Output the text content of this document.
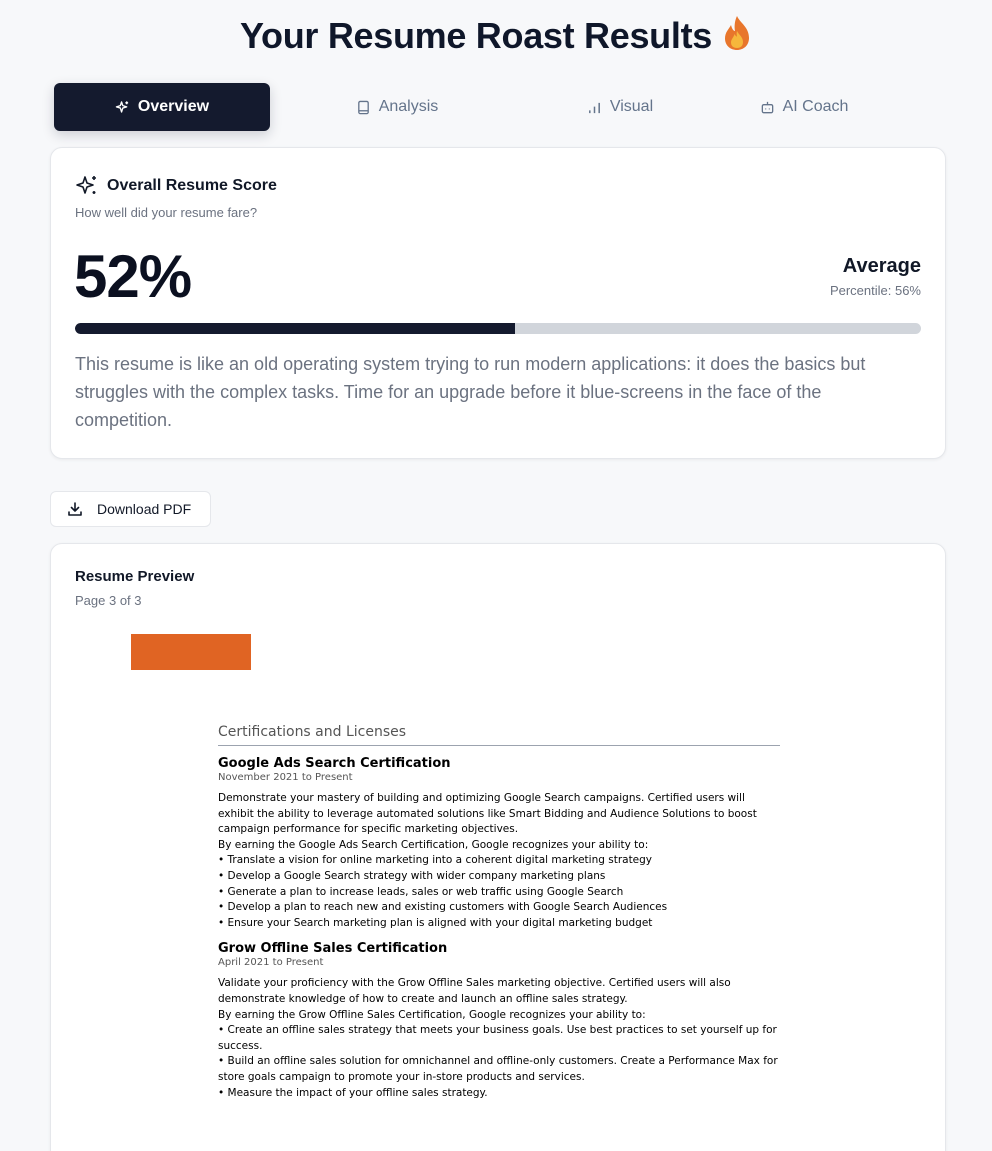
Your Resume Roast Results
Overview	Analysis	Visual	AI Coach
Overall Resume Score
How well did your resume fare?
52%	Average
Percentile: 56%

This resume is like an old operating system trying to run modern applications: it does the basics but struggles with the complex tasks. Time for an upgrade before it blue-screens in the face of the competition.

Download PDF
Resume Preview
Page 3 of 3
Certifications and Licenses
Google Ads Search Certification
November 2021 to Present
Demonstrate your mastery of building and optimizing Google Search campaigns. Certified users will exhibit the ability to leverage automated solutions like Smart Bidding and Audience Solutions to boost campaign performance for specific marketing objectives.
By earning the Google Ads Search Certification, Google recognizes your ability to:
• Translate a vision for online marketing into a coherent digital marketing strategy
• Develop a Google Search strategy with wider company marketing plans
• Generate a plan to increase leads, sales or web traffic using Google Search
• Develop a plan to reach new and existing customers with Google Search Audiences
• Ensure your Search marketing plan is aligned with your digital marketing budget
Grow Offline Sales Certification
April 2021 to Present
Validate your proficiency with the Grow Offline Sales marketing objective. Certified users will also demonstrate knowledge of how to create and launch an offline sales strategy.
By earning the Grow Offline Sales Certification, Google recognizes your ability to:
• Create an offline sales strategy that meets your business goals. Use best practices to set yourself up for success.
• Build an offline sales solution for omnichannel and offline-only customers. Create a Performance Max for store goals campaign to promote your in-store products and services.
• Measure the impact of your offline sales strategy.
